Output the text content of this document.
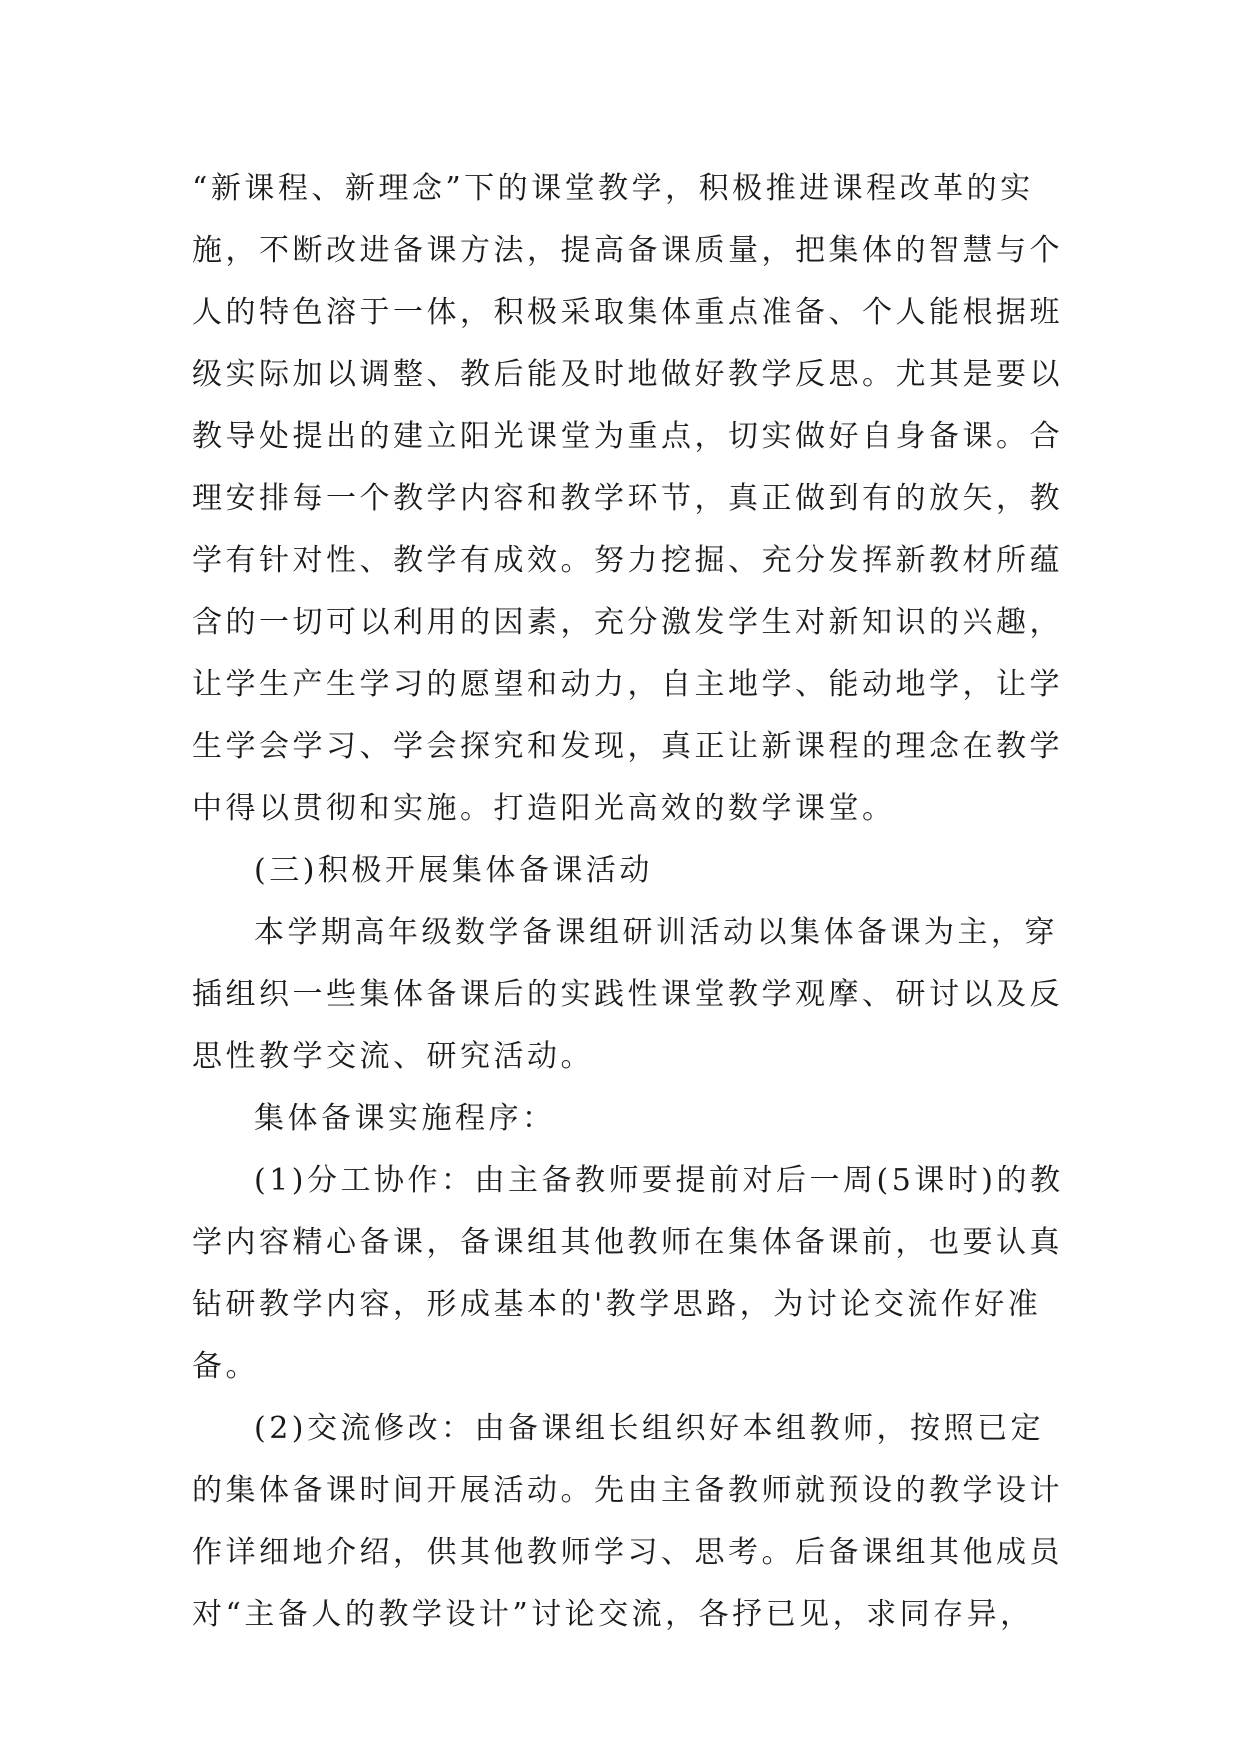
“新课程、新理念”下的课堂教学，积极推进课程改革的实
施，不断改进备课方法，提高备课质量，把集体的智慧与个
人的特色溶于一体，积极采取集体重点准备、个人能根据班
级实际加以调整、教后能及时地做好教学反思。尤其是要以
教导处提出的建立阳光课堂为重点，切实做好自身备课。合
理安排每一个教学内容和教学环节，真正做到有的放矢，教
学有针对性、教学有成效。努力挖掘、充分发挥新教材所蕴
含的一切可以利用的因素，充分激发学生对新知识的兴趣，
让学生产生学习的愿望和动力，自主地学、能动地学，让学
生学会学习、学会探究和发现，真正让新课程的理念在教学
中得以贯彻和实施。打造阳光高效的数学课堂。
(三)积极开展集体备课活动
本学期高年级数学备课组研训活动以集体备课为主，穿
插组织一些集体备课后的实践性课堂教学观摩、研讨以及反
思性教学交流、研究活动。
集体备课实施程序：
(1)分工协作：由主备教师要提前对后一周(5课时)的教
学内容精心备课，备课组其他教师在集体备课前，也要认真
钻研教学内容，形成基本的'教学思路，为讨论交流作好准
备。
(2)交流修改：由备课组长组织好本组教师，按照已定
的集体备课时间开展活动。先由主备教师就预设的教学设计
作详细地介绍，供其他教师学习、思考。后备课组其他成员
对“主备人的教学设计”讨论交流，各抒已见，求同存异，
